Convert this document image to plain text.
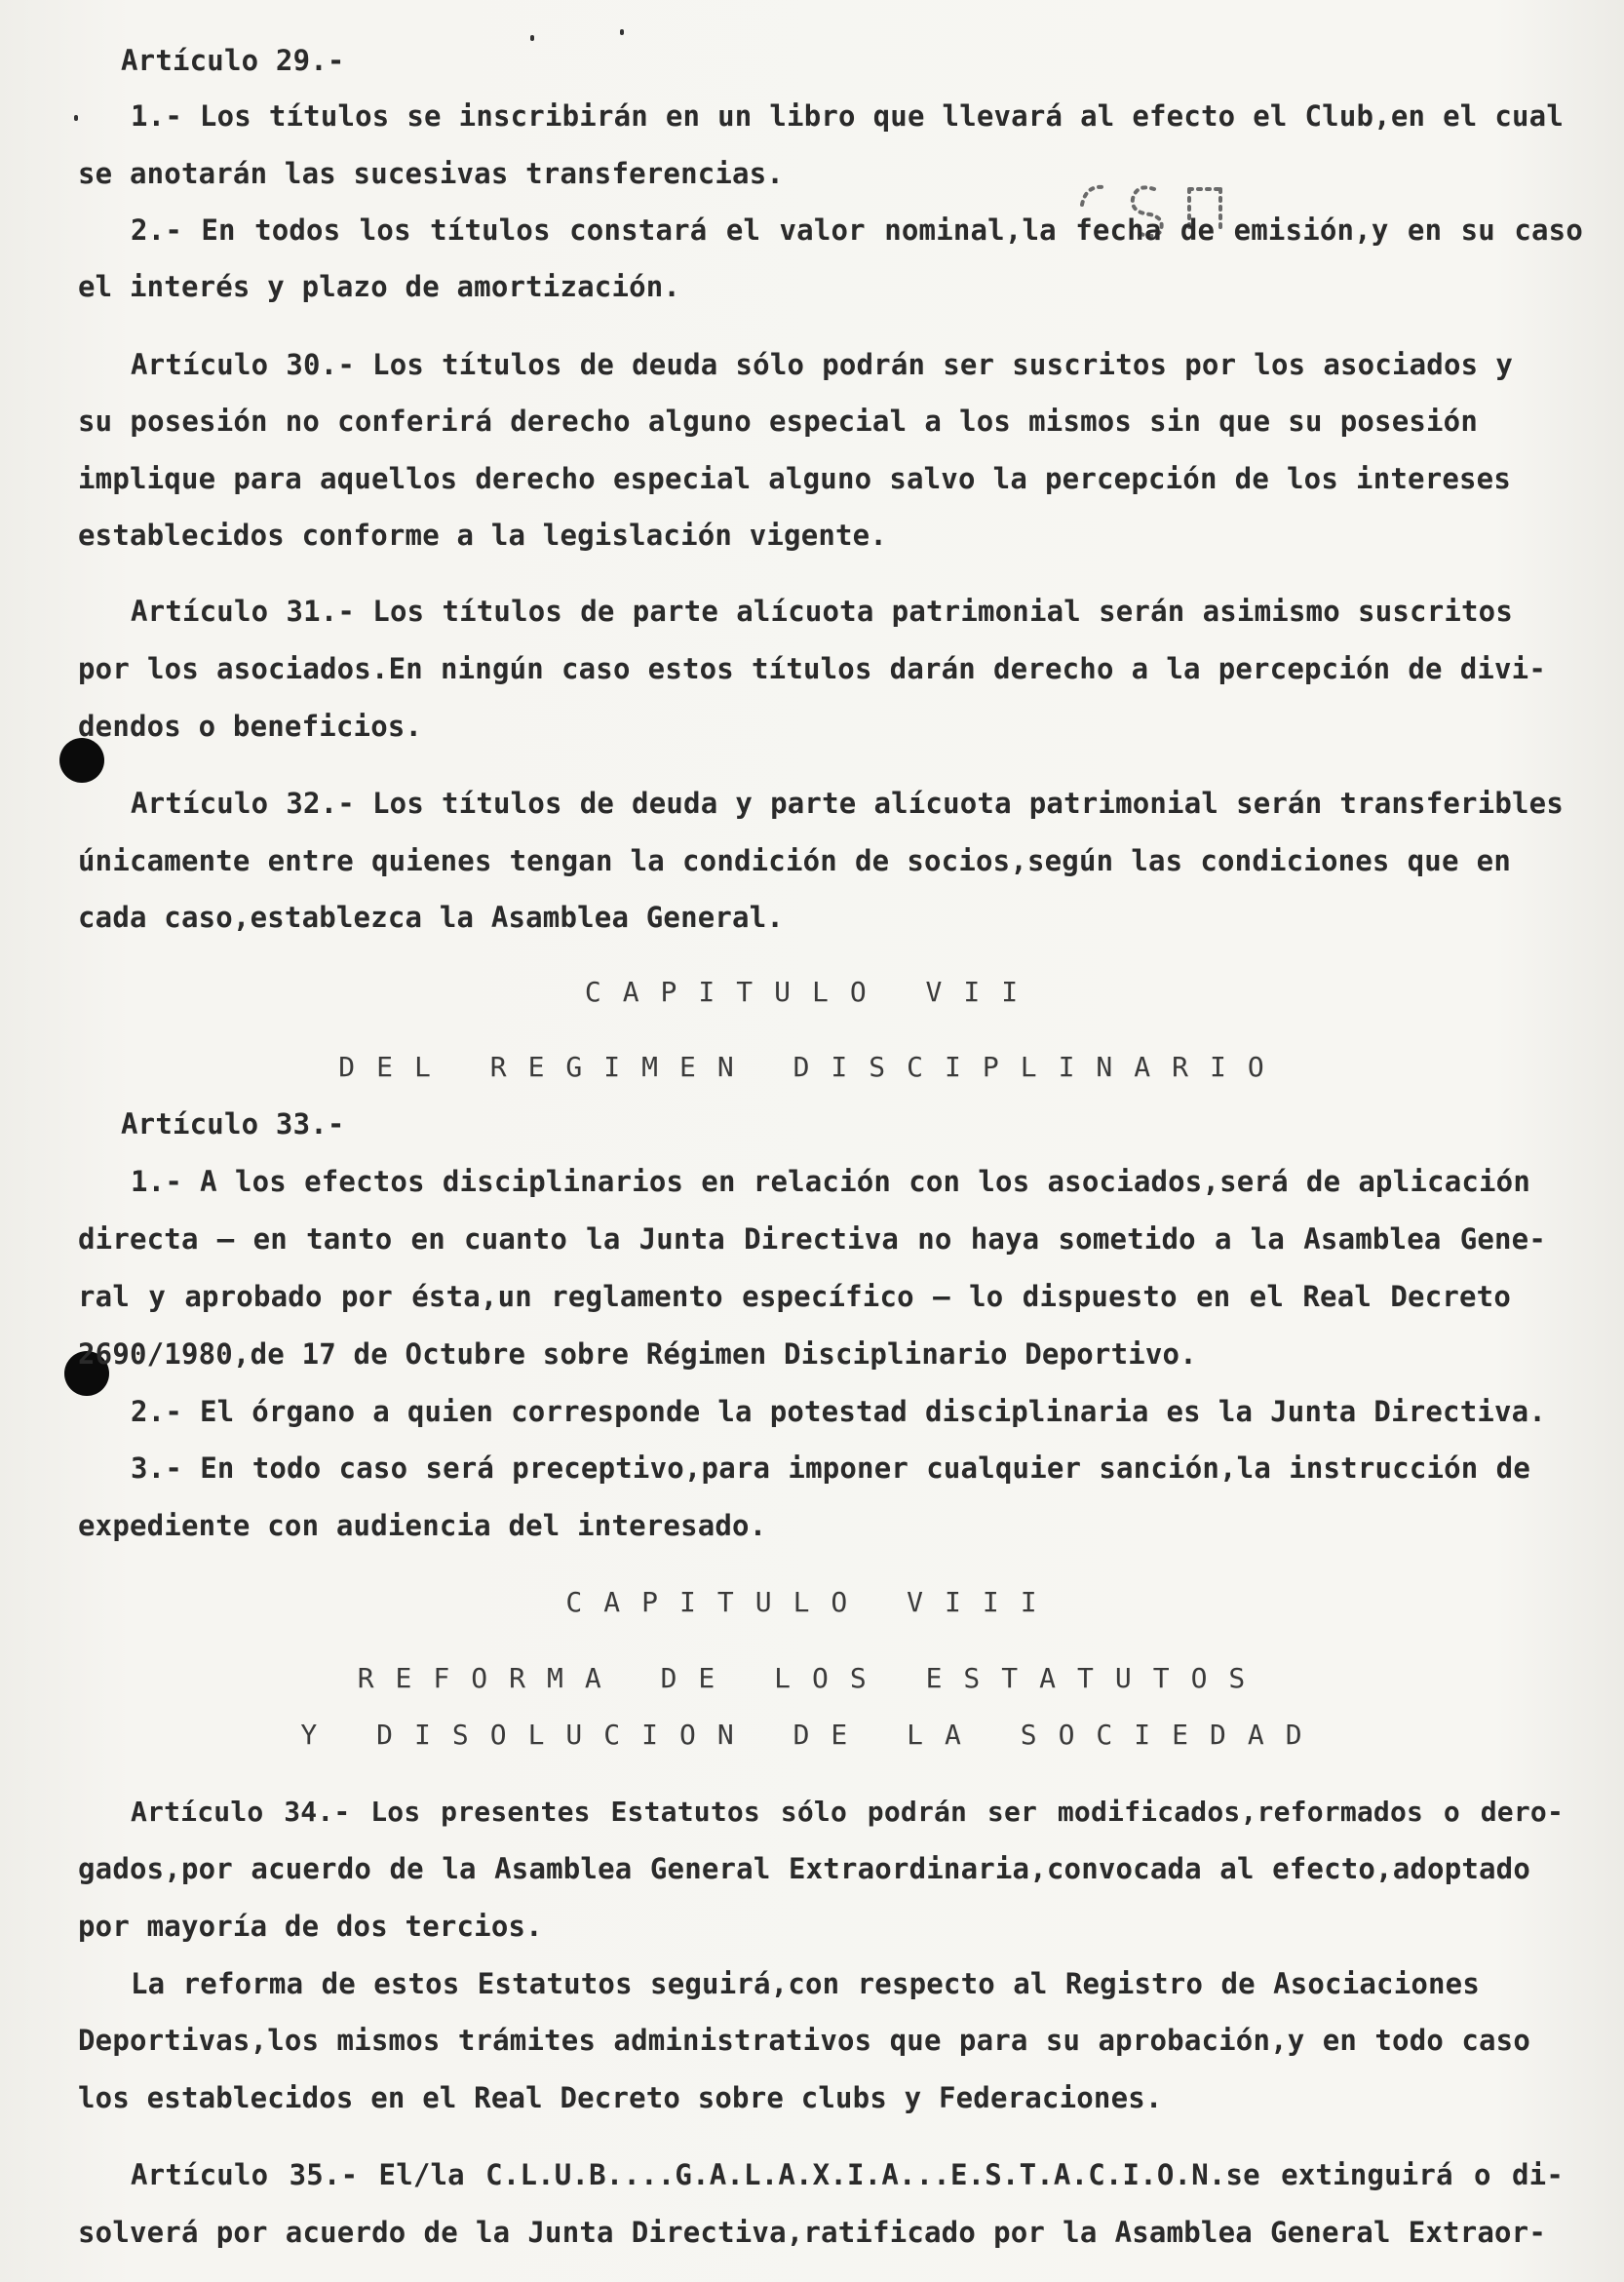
Artículo 29.-
1.- Los títulos se inscribirán en un libro que llevará al efecto el Club,en el cual
se anotarán las sucesivas transferencias.
2.- En todos los títulos constará el valor nominal,la fecha de emisión,y en su caso
el interés y plazo de amortización.
Artículo 30.- Los títulos de deuda sólo podrán ser suscritos por los asociados y
su posesión no conferirá derecho alguno especial a los mismos sin que su posesión
implique para aquellos derecho especial alguno salvo la percepción de los intereses
establecidos conforme a la legislación vigente.
Artículo 31.- Los títulos de parte alícuota patrimonial serán asimismo suscritos
por los asociados.En ningún caso estos títulos darán derecho a la percepción de divi-
dendos o beneficios.
Artículo 32.- Los títulos de deuda y parte alícuota patrimonial serán transferibles
únicamente entre quienes tengan la condición de socios,según las condiciones que en
cada caso,establezca la Asamblea General.
CAPITULO VII
DEL REGIMEN DISCIPLINARIO
Artículo 33.-
1.- A los efectos disciplinarios en relación con los asociados,será de aplicación
directa — en tanto en cuanto la Junta Directiva no haya sometido a la Asamblea Gene-
ral y aprobado por ésta,un reglamento específico — lo dispuesto en el Real Decreto
2690/1980,de 17 de Octubre sobre Régimen Disciplinario Deportivo.
2.- El órgano a quien corresponde la potestad disciplinaria es la Junta Directiva.
3.- En todo caso será preceptivo,para imponer cualquier sanción,la instrucción de
expediente con audiencia del interesado.
CAPITULO VIII
REFORMA DE LOS ESTATUTOS
Y DISOLUCION DE LA SOCIEDAD
Artículo 34.- Los presentes Estatutos sólo podrán ser modificados,reformados o dero-
gados,por acuerdo de la Asamblea General Extraordinaria,convocada al efecto,adoptado
por mayoría de dos tercios.
La reforma de estos Estatutos seguirá,con respecto al Registro de Asociaciones
Deportivas,los mismos trámites administrativos que para su aprobación,y en todo caso
los establecidos en el Real Decreto sobre clubs y Federaciones.
Artículo 35.- El/la C.L.U.B....G.A.L.A.X.I.A...E.S.T.A.C.I.O.N.se extinguirá o di-
solverá por acuerdo de la Junta Directiva,ratificado por la Asamblea General Extraor-
